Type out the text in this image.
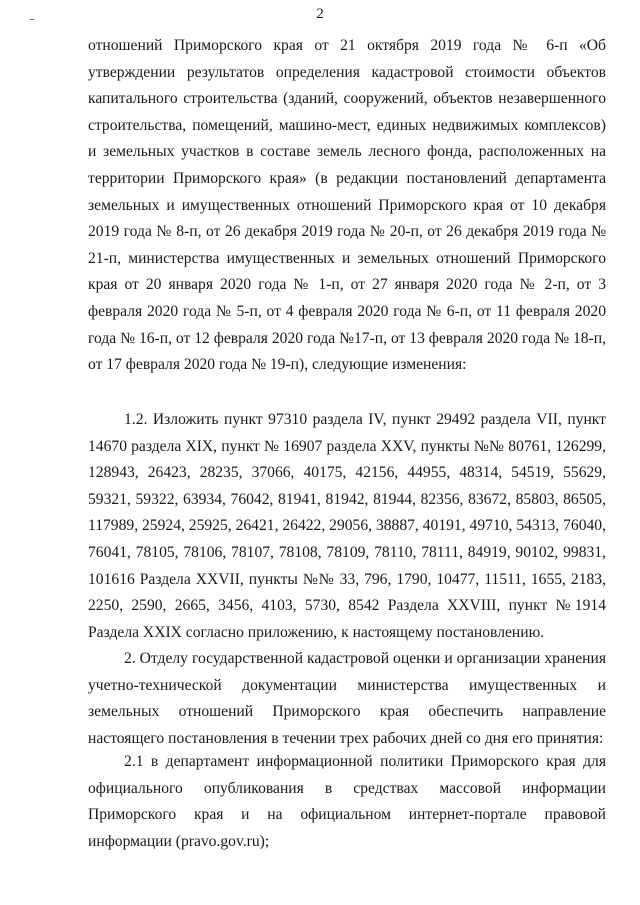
2

отношений Приморского края от 21 октября 2019 года № 6-п «Об утверждении результатов определения кадастровой стоимости объектов капитального строительства (зданий, сооружений, объектов незавершенного строительства, помещений, машино-мест, единых недвижимых комплексов) и земельных участков в составе земель лесного фонда, расположенных на территории Приморского края» (в редакции постановлений департамента земельных и имущественных отношений Приморского края от 10 декабря 2019 года № 8-п, от 26 декабря 2019 года № 20-п, от 26 декабря 2019 года № 21-п, министерства имущественных и земельных отношений Приморского края от 20 января 2020 года № 1-п, от 27 января 2020 года № 2-п, от 3 февраля 2020 года № 5-п, от 4 февраля 2020 года № 6-п, от 11 февраля 2020 года № 16-п, от 12 февраля 2020 года №17-п, от 13 февраля 2020 года № 18-п, от 17 февраля 2020 года № 19-п), следующие изменения:

1.2. Изложить пункт 97310 раздела IV, пункт 29492 раздела VII, пункт 14670 раздела XIX, пункт № 16907 раздела XXV, пункты №№ 80761, 126299, 128943, 26423, 28235, 37066, 40175, 42156, 44955, 48314, 54519, 55629, 59321, 59322, 63934, 76042, 81941, 81942, 81944, 82356, 83672, 85803, 86505, 117989, 25924, 25925, 26421, 26422, 29056, 38887, 40191, 49710, 54313, 76040, 76041, 78105, 78106, 78107, 78108, 78109, 78110, 78111, 84919, 90102, 99831, 101616 Раздела XXVII, пункты №№ 33, 796, 1790, 10477, 11511, 1655, 2183, 2250, 2590, 2665, 3456, 4103, 5730, 8542 Раздела XXVIII, пункт №1914 Раздела XXIX согласно приложению, к настоящему постановлению.

2. Отделу государственной кадастровой оценки и организации хранения учетно-технической документации министерства имущественных и земельных отношений Приморского края обеспечить направление настоящего постановления в течении трех рабочих дней со дня его принятия:

2.1 в департамент информационной политики Приморского края для официального опубликования в средствах массовой информации Приморского края и на официальном интернет-портале правовой информации (pravo.gov.ru);
